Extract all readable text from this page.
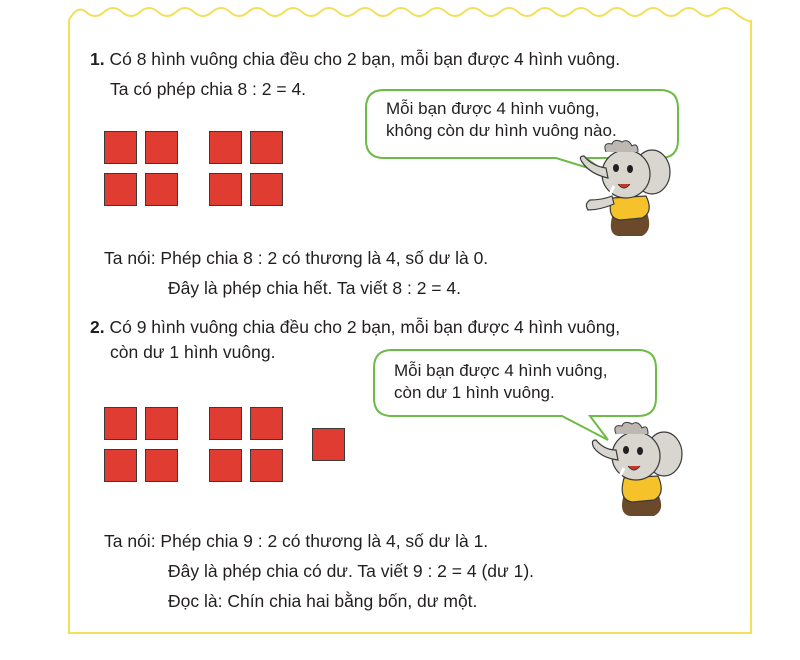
1. Có 8 hình vuông chia đều cho 2 bạn, mỗi bạn được 4 hình vuông.
Ta có phép chia 8 : 2 = 4.
Mỗi bạn được 4 hình vuông,
không còn dư hình vuông nào.
Ta nói: Phép chia 8 : 2 có thương là 4, số dư là 0.
Đây là phép chia hết. Ta viết 8 : 2 = 4.
2. Có 9 hình vuông chia đều cho 2 bạn, mỗi bạn được 4 hình vuông,
còn dư 1 hình vuông.
Mỗi bạn được 4 hình vuông,
còn dư 1 hình vuông.
Ta nói: Phép chia 9 : 2 có thương là 4, số dư là 1.
Đây là phép chia có dư. Ta viết 9 : 2 = 4 (dư 1).
Đọc là: Chín chia hai bằng bốn, dư một.
